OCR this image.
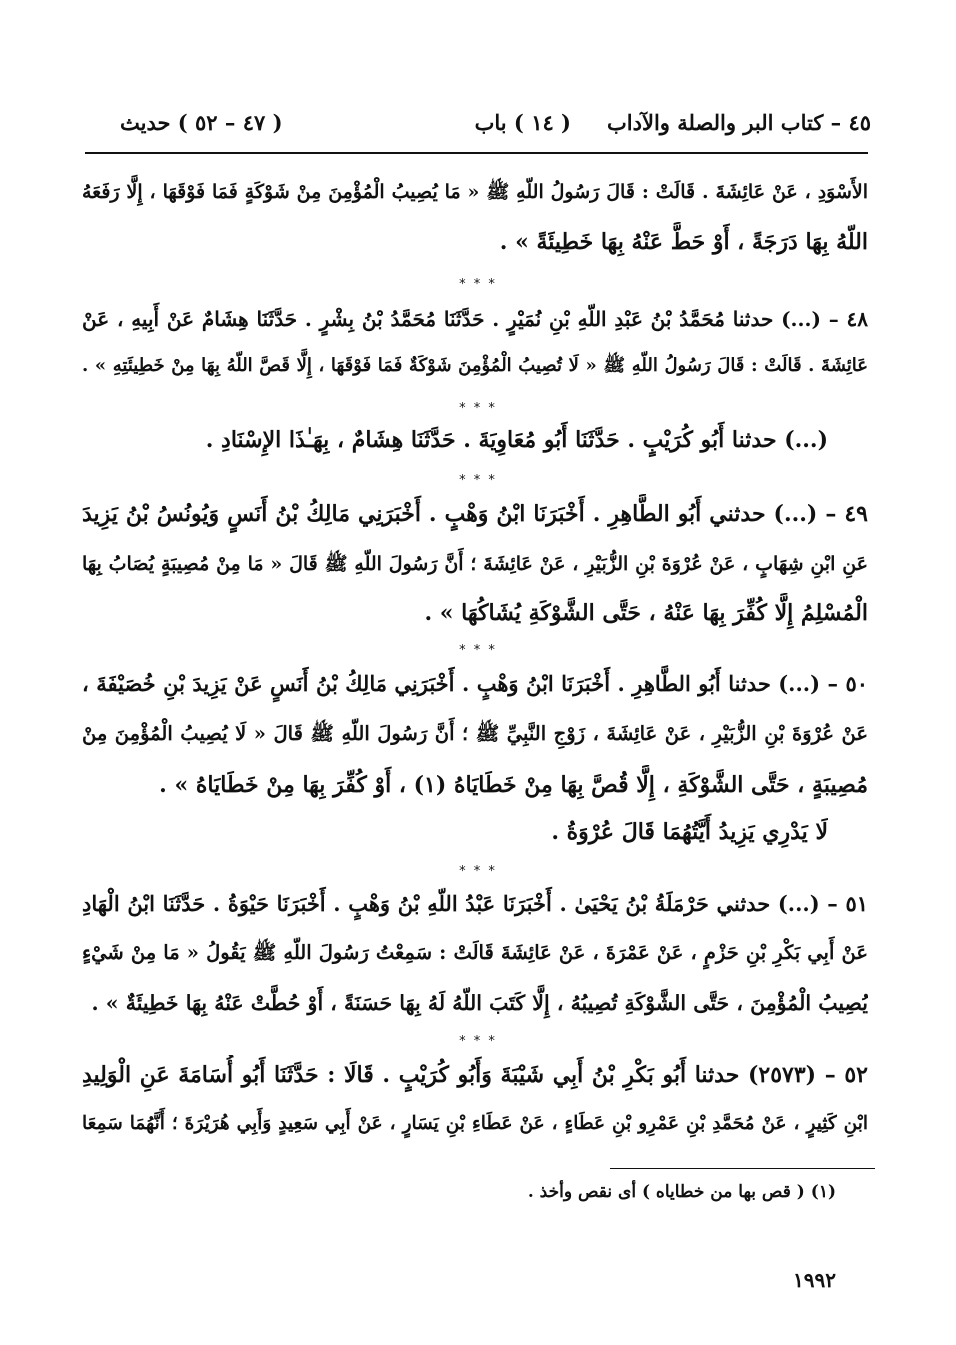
٤٥ – كتاب البر والصلة والآداب
( ١٤ ) باب
( ٤٧ – ٥٢ ) حديث
الأَسْوَدِ ، عَنْ عَائِشَةَ . قَالَتْ : قَالَ رَسُولُ اللّهِ ﷺ « مَا يُصِيبُ الْمُؤْمِنَ مِنْ شَوْكَةٍ فَمَا فَوْقَهَا ، إِلَّا رَفَعَهُ
اللّهُ بِهَا دَرَجَةً ، أَوْ حَطَّ عَنْهُ بِهَا خَطِيئَةً » .
* * *
٤٨ – (...) حدثنا مُحَمَّدُ بْنُ عَبْدِ اللّهِ بْنِ نُمَيْرٍ . حَدَّثَنَا مُحَمَّدُ بْنُ بِشْرٍ . حَدَّثَنَا هِشَامٌ عَنْ أَبِيهِ ، عَنْ
عَائِشَةَ . قَالَتْ : قَالَ رَسُولُ اللّهِ ﷺ « لَا تُصِيبُ الْمُؤْمِنَ شَوْكَةٌ فَمَا فَوْقَهَا ، إِلَّا قَصَّ اللّهُ بِهَا مِنْ خَطِيئَتِهِ » .
* * *
(...) حدثنا أَبُو كُرَيْبٍ . حَدَّثَنَا أَبُو مُعَاوِيَةَ . حَدَّثَنَا هِشَامٌ ، بِهَـٰذَا الإِسْنَادِ .
* * *
٤٩ – (...) حدثني أَبُو الطَّاهِرِ . أَخْبَرَنَا ابْنُ وَهْبٍ . أَخْبَرَنِي مَالِكُ بْنُ أَنَسٍ وَيُونُسُ بْنُ يَزِيدَ
عَنِ ابْنِ شِهَابٍ ، عَنْ عُرْوَةَ بْنِ الزُّبَيْرِ ، عَنْ عَائِشَةَ ؛ أَنَّ رَسُولَ اللّهِ ﷺ قَالَ « مَا مِنْ مُصِيبَةٍ يُصَابُ بِهَا
الْمُسْلِمُ إِلَّا كُفِّرَ بِهَا عَنْهُ ، حَتَّى الشَّوْكَةِ يُشَاكُهَا » .
* * *
٥٠ – (...) حدثنا أَبُو الطَّاهِرِ . أَخْبَرَنَا ابْنُ وَهْبٍ . أَخْبَرَنِي مَالِكُ بْنُ أَنَسٍ عَنْ يَزِيدَ بْنِ خُصَيْفَةَ ،
عَنْ عُرْوَةَ بْنِ الزُّبَيْرِ ، عَنْ عَائِشَةَ ، زَوْجِ النَّبِيِّ ﷺ ؛ أَنَّ رَسُولَ اللّهِ ﷺ قَالَ « لَا يُصِيبُ الْمُؤْمِنَ مِنْ
مُصِيبَةٍ ، حَتَّى الشَّوْكَةِ ، إِلَّا قُصَّ بِهَا مِنْ خَطَايَاهُ (١) ، أَوْ كُفِّرَ بِهَا مِنْ خَطَايَاهُ » .
لَا يَدْرِي يَزِيدُ أَيَّتُهُمَا قَالَ عُرْوَةُ .
* * *
٥١ – (...) حدثني حَرْمَلَةُ بْنُ يَحْيَىٰ . أَخْبَرَنَا عَبْدُ اللّهِ بْنُ وَهْبٍ . أَخْبَرَنَا حَيْوَةُ . حَدَّثَنَا ابْنُ الْهَادِ
عَنْ أَبِي بَكْرِ بْنِ حَزْمٍ ، عَنْ عَمْرَةَ ، عَنْ عَائِشَةَ قَالَتْ : سَمِعْتُ رَسُولَ اللّهِ ﷺ يَقُولُ « مَا مِنْ شَيْءٍ
يُصِيبُ الْمُؤْمِنَ ، حَتَّى الشَّوْكَةِ تُصِيبُهُ ، إِلَّا كَتَبَ اللّهُ لَهُ بِهَا حَسَنَةً ، أَوْ حُطَّتْ عَنْهُ بِهَا خَطِيئَةٌ » .
* * *
٥٢ – (٢٥٧٣) حدثنا أَبُو بَكْرِ بْنُ أَبِي شَيْبَةَ وَأَبُو كُرَيْبٍ . قَالَا : حَدَّثَنَا أَبُو أُسَامَةَ عَنِ الْوَلِيدِ
ابْنِ كَثِيرٍ ، عَنْ مُحَمَّدِ بْنِ عَمْرِو بْنِ عَطَاءٍ ، عَنْ عَطَاءِ بْنِ يَسَارٍ ، عَنْ أَبِي سَعِيدٍ وَأَبِي هُرَيْرَةَ ؛ أَنَّهُمَا سَمِعَا
(١) ( قص بها من خطاياه ) أى نقص وأخذ .
١٩٩٢
